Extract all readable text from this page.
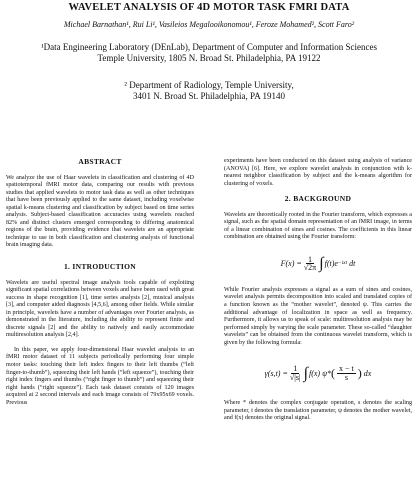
WAVELET ANALYSIS OF 4D MOTOR TASK FMRI DATA
Michael Barnathan¹, Rui Li¹, Vasileios Megalooikonomou¹, Feroze Mohamed², Scott Faro²
¹Data Engineering Laboratory (DEnLab), Department of Computer and Information Sciences
Temple University, 1805 N. Broad St. Philadelphia, PA 19122
² Department of Radiology, Temple University,
3401 N. Broad St. Philadelphia, PA 19140
ABSTRACT

We analyze the use of Haar wavelets in classification and clustering of 4D spatiotemporal fMRI motor data, comparing our results with previous studies that applied wavelets to motor task data as well as other techniques that have been previously applied to the same dataset, including voxelwise spatial k-means clustering and classification by subject based on time series analysis. Subject-based classification accuracies using wavelets reached 82% and distinct clusters emerged corresponding to differing anatomical regions of the brain, providing evidence that wavelets are an appropriate technique to use in both classification and clustering analysis of functional brain imaging data.

1. INTRODUCTION

Wavelets are useful spectral image analysis tools capable of exploiting significant spatial correlations between voxels and have been used with great success in shape recognition [1], time series analysis [2], musical analysis [3], and computer aided diagnosis [4,5,6], among other fields. While similar in principle, wavelets have a number of advantages over Fourier analysis, as demonstrated in the literature, including the ability to represent finite and discrete signals [2] and the ability to natively and easily accommodate multiresolution analysis [2,4].

In this paper, we apply four-dimensional Haar wavelet analysis to an fMRI motor dataset of 11 subjects periodically performing four simple motor tasks: touching their left index fingers to their left thumbs (“left finger-to-thumb”), squeezing their left hands (“left squeeze”), touching their right index fingers and thumbs (“right finger to thumb”) and squeezing their right hands (“right squeeze”). Each task dataset consists of 120 images acquired at 2 second intervals and each image consists of 79x95x69 voxels. Previous

experiments have been conducted on this dataset using analysis of variance (ANOVA) [6]. Here, we explore wavelet analysis in conjunction with k-nearest neighbor classification by subject and the k-means algorithm for clustering of voxels.

2. BACKGROUND

Wavelets are theoretically rooted in the Fourier transform, which expresses a signal, such as the spatial domain representation of an fMRI image, in terms of a linear combination of sines and cosines. The coefficients in this linear combination are obtained using the Fourier transform:

$F(x) = \frac{1}{√2\pi}$ ∫ f(t)e −ixt dt

While Fourier analysis expresses a signal as a sum of sines and cosines, wavelet analysis permits decomposition into scaled and translated copies of a function known as the “mother wavelet”, denoted ψ. This carries the additional advantage of localization in space as well as frequency. Furthermore, it allows us to speak of scale: multiresolution analysis may be performed simply by varying the scale parameter. These so-called “daughter wavelets” can be obtained from the continuous wavelet transform, which is given by the following formula:

$\gamma(s,t) = \frac{1}{√|s|}$ ∫ f(x) ψ* ( $\frac{x - t}{s}$ ) dx

Where * denotes the complex conjugate operation, s denotes the scaling parameter, t denotes the translation parameter, ψ denotes the mother wavelet, and f(x) denotes the original signal.
